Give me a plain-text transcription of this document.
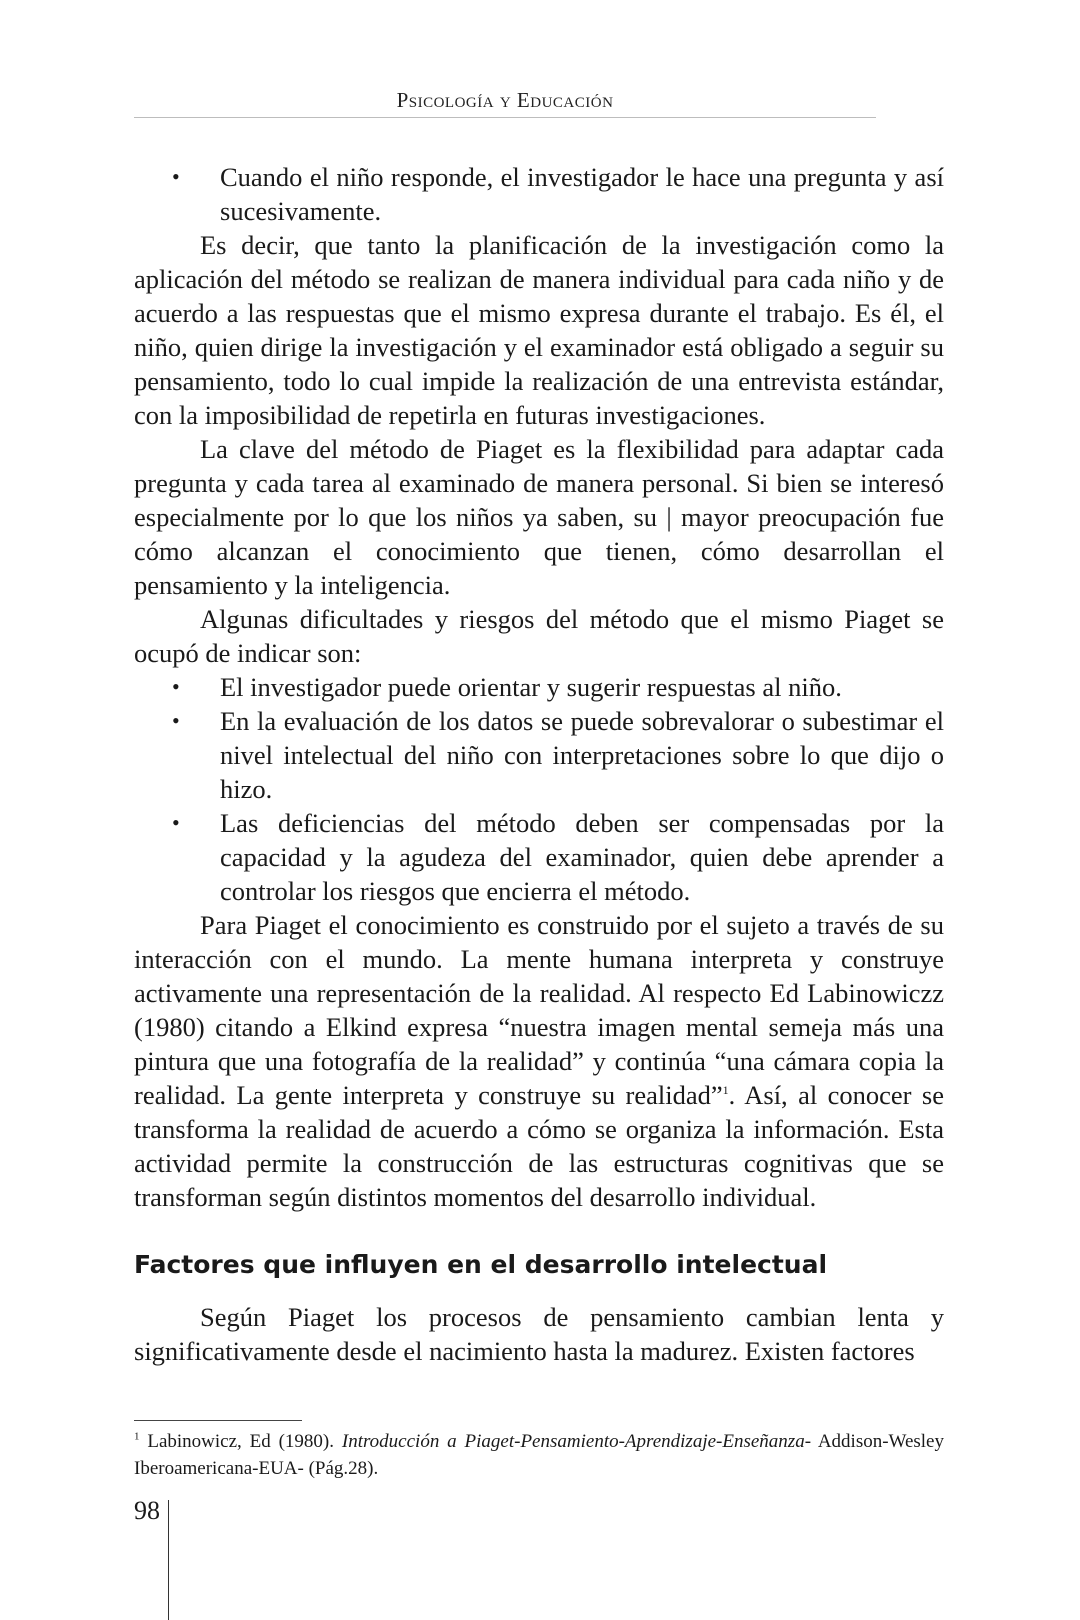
Psicología y Educación
• Cuando el niño responde, el investigador le hace una pregunta y así sucesivamente.

Es decir, que tanto la planificación de la investigación como la aplicación del método se realizan de manera individual para cada niño y de acuerdo a las respuestas que el mismo expresa durante el trabajo. Es él, el niño, quien dirige la investigación y el examinador está obligado a seguir su pensamiento, todo lo cual impide la realización de una entrevista estándar, con la imposibilidad de repetirla en futuras investigaciones.

La clave del método de Piaget es la flexibilidad para adaptar cada pregunta y cada tarea al examinado de manera personal. Si bien se interesó especialmente por lo que los niños ya saben, su | mayor preocupación fue cómo alcanzan el conocimiento que tienen, cómo desarrollan el pensamiento y la inteligencia.

Algunas dificultades y riesgos del método que el mismo Piaget se ocupó de indicar son:

• El investigador puede orientar y sugerir respuestas al niño.
• En la evaluación de los datos se puede sobrevalorar o subestimar el nivel intelectual del niño con interpretaciones sobre lo que dijo o hizo.
• Las deficiencias del método deben ser compensadas por la capacidad y la agudeza del examinador, quien debe aprender a controlar los riesgos que encierra el método.

Para Piaget el conocimiento es construido por el sujeto a través de su interacción con el mundo. La mente humana interpreta y construye activamente una representación de la realidad. Al respecto Ed Labinowiczz (1980) citando a Elkind expresa “nuestra imagen mental semeja más una pintura que una fotografía de la realidad” y continúa “una cámara copia la realidad. La gente interpreta y construye su realidad”$^1$. Así, al conocer se transforma la realidad de acuerdo a cómo se organiza la información. Esta actividad permite la construcción de las estructuras cognitivas que se transforman según distintos momentos del desarrollo individual.

Factores que influyen en el desarrollo intelectual

Según Piaget los procesos de pensamiento cambian lenta y significativamente desde el nacimiento hasta la madurez. Existen factores

$^1$ Labinowicz, Ed (1980). Introducción a Piaget-Pensamiento-Aprendizaje-Enseñanza- Addison-Wesley Iberoamericana-EUA- (Pág.28).
98
